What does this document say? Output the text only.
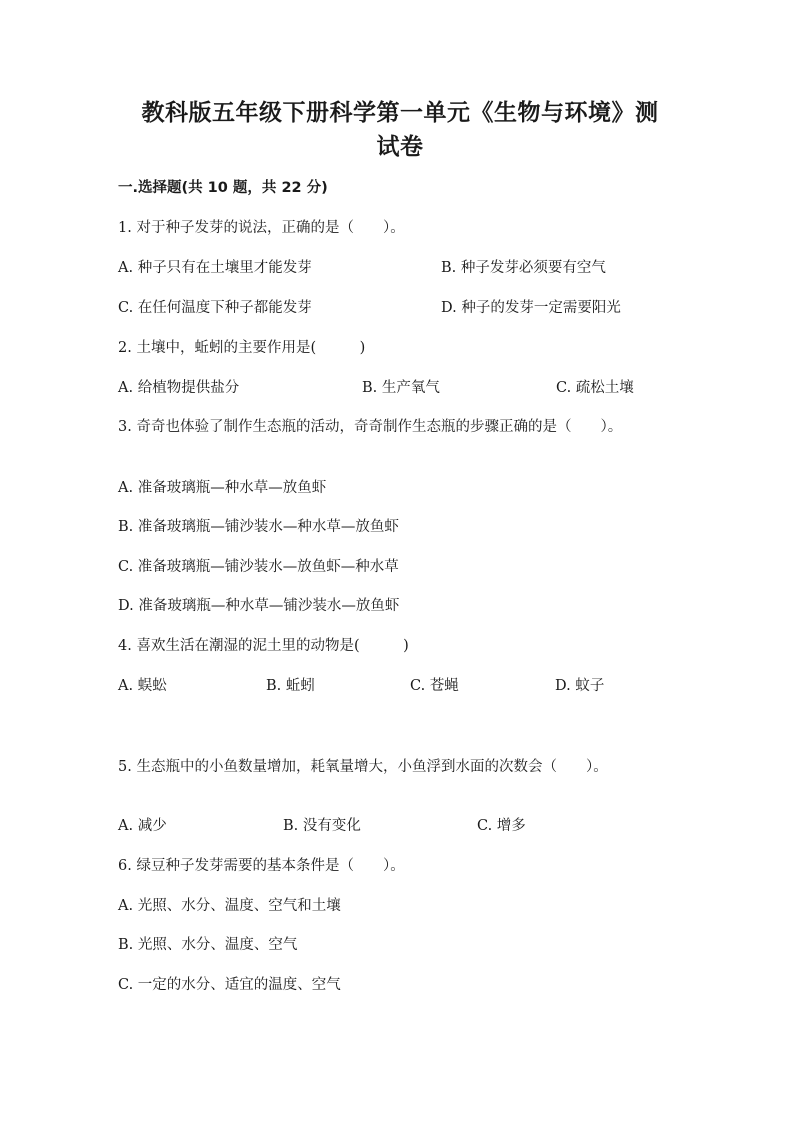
教科版五年级下册科学第一单元《生物与环境》测
试卷
一.选择题(共 10 题，共 22 分)

1. 对于种子发芽的说法，正确的是（　　）。

A. 种子只有在土壤里才能发芽	B. 种子发芽必须要有空气

C. 在任何温度下种子都能发芽	D. 种子的发芽一定需要阳光

2. 土壤中，蚯蚓的主要作用是(　　　)

A. 给植物提供盐分	B. 生产氧气	C. 疏松土壤

3. 奇奇也体验了制作生态瓶的活动，奇奇制作生态瓶的步骤正确的是（　　）。

A. 准备玻璃瓶—种水草—放鱼虾

B. 准备玻璃瓶—铺沙装水—种水草—放鱼虾

C. 准备玻璃瓶—铺沙装水—放鱼虾—种水草

D. 准备玻璃瓶—种水草—铺沙装水—放鱼虾

4. 喜欢生活在潮湿的泥土里的动物是(　　　)

A. 蜈蚣	B. 蚯蚓	C. 苍蝇	D. 蚊子

5. 生态瓶中的小鱼数量增加，耗氧量增大，小鱼浮到水面的次数会（　　）。

A. 减少	B. 没有变化	C. 增多

6. 绿豆种子发芽需要的基本条件是（　　）。

A. 光照、水分、温度、空气和土壤

B. 光照、水分、温度、空气

C. 一定的水分、适宜的温度、空气
